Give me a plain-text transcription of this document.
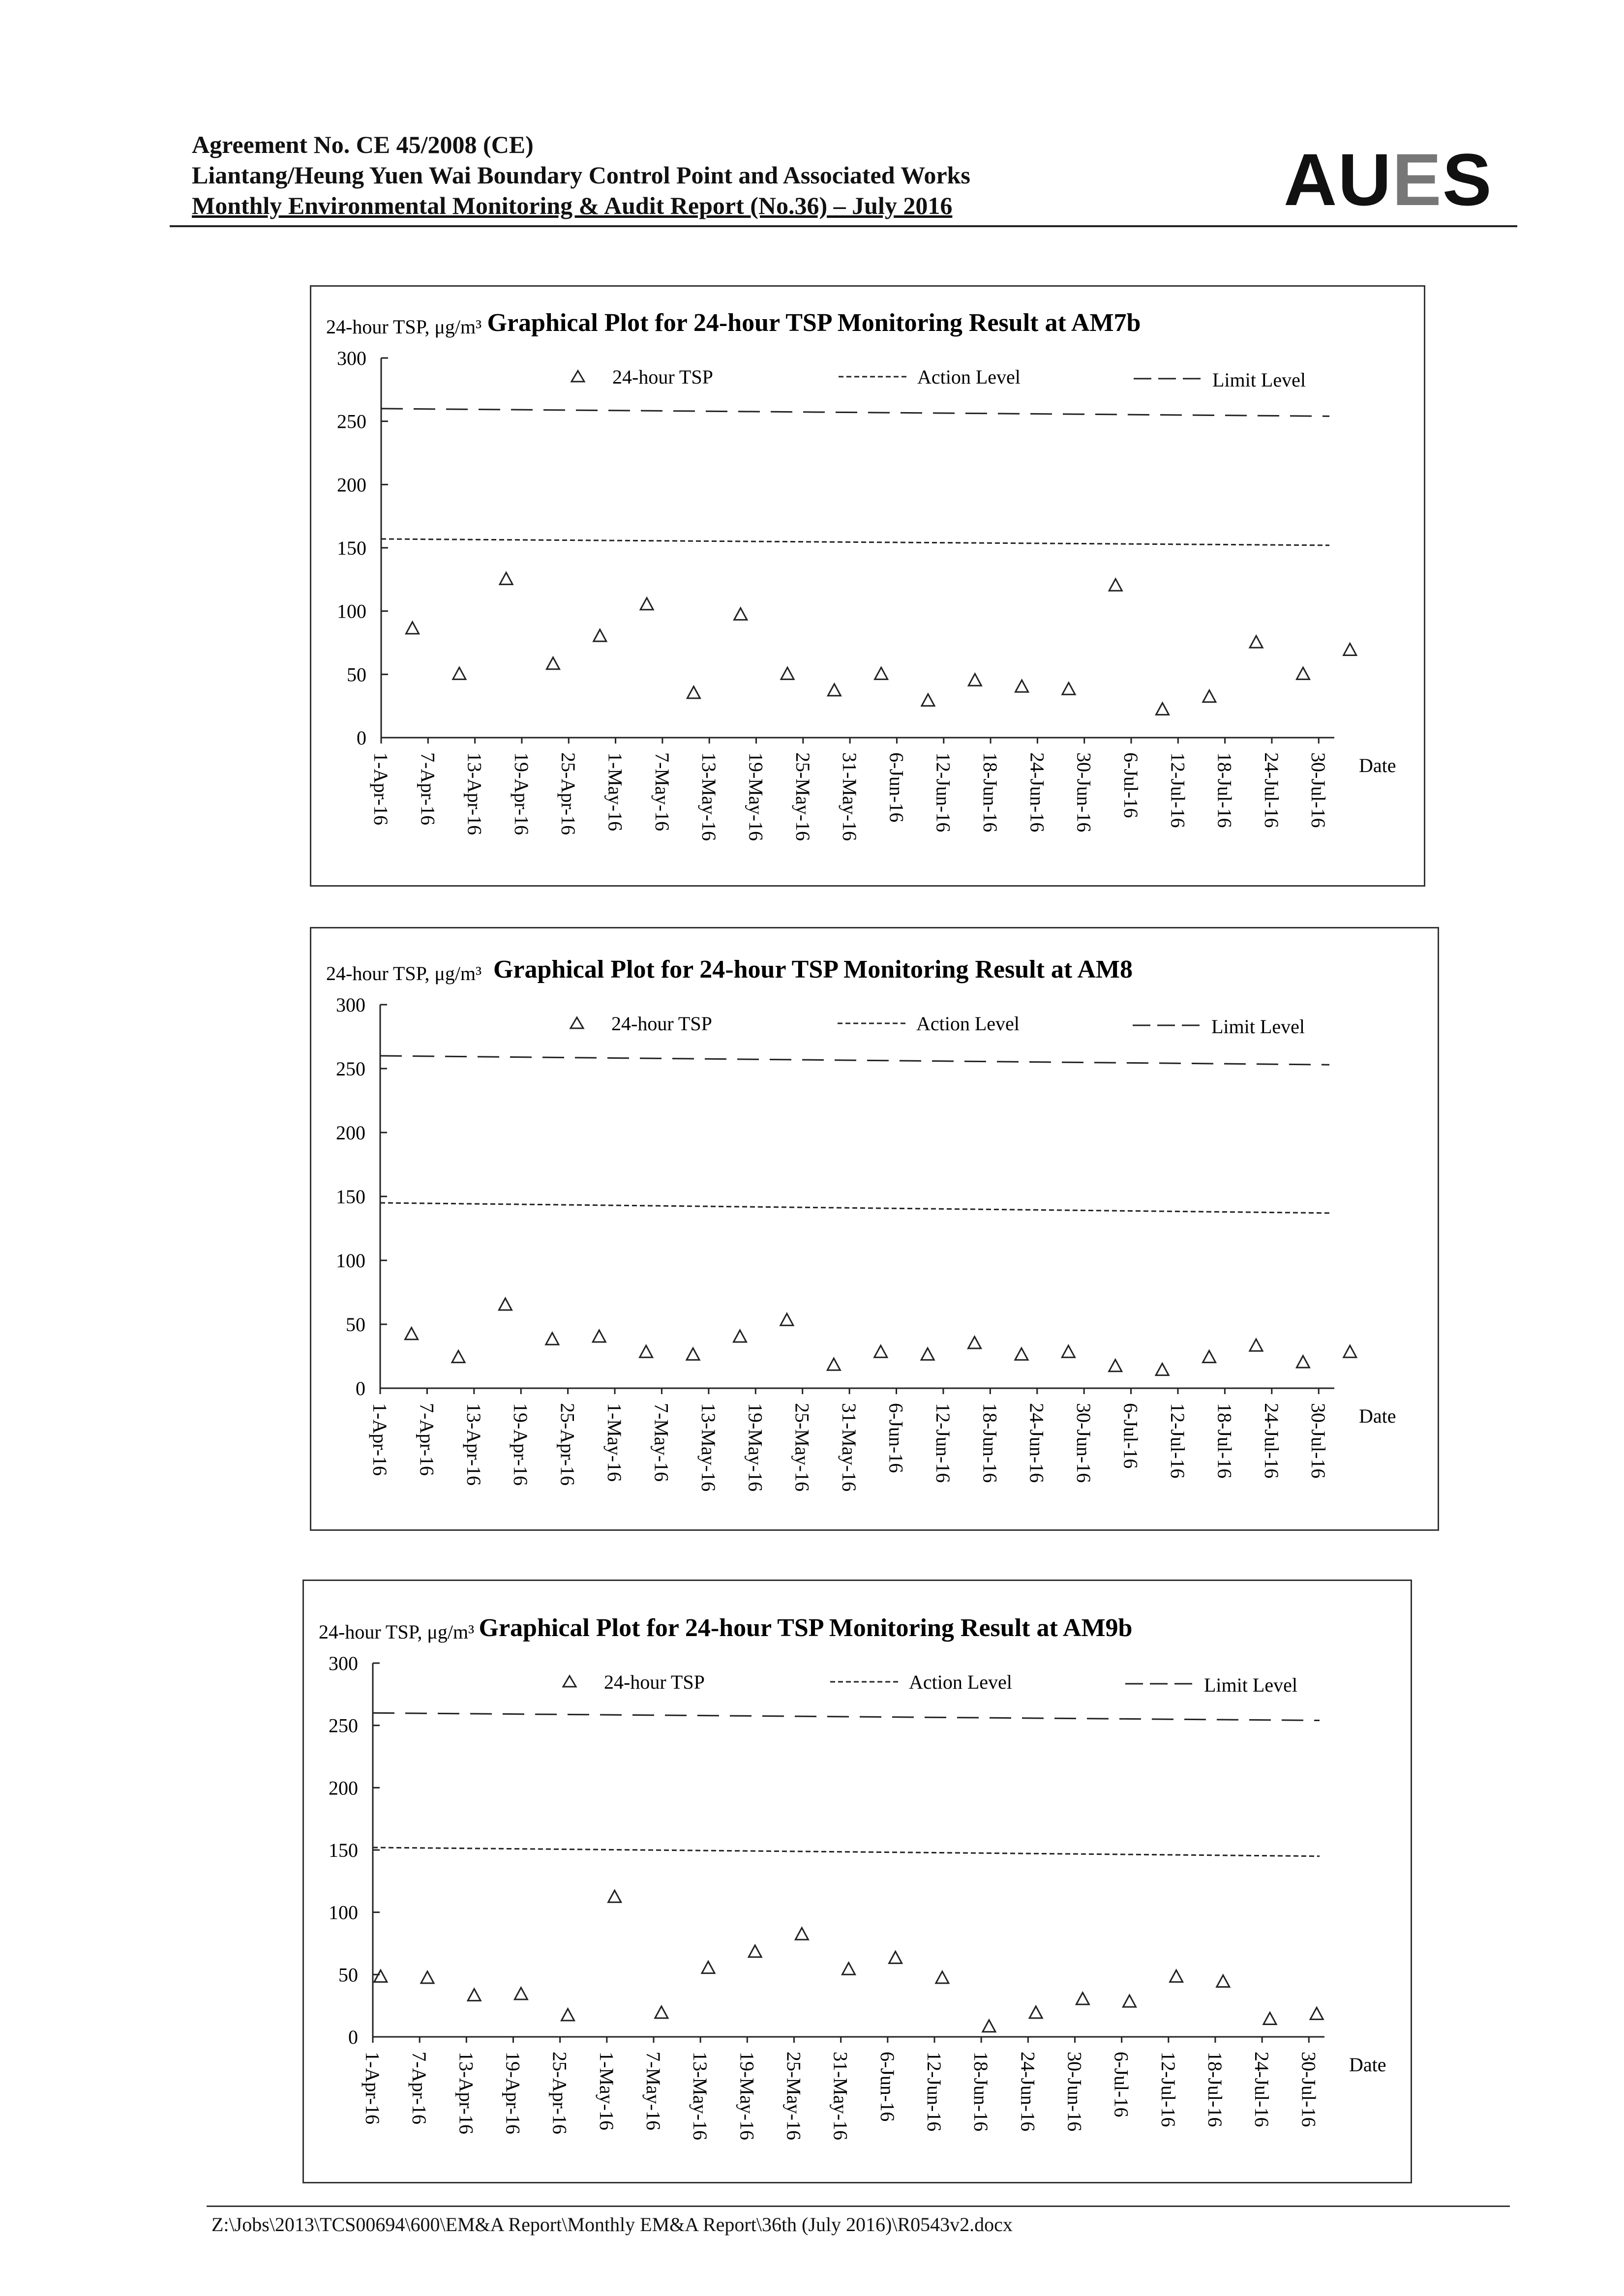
Agreement No. CE 45/2008 (CE)
Liantang/Heung Yuen Wai Boundary Control Point and Associated Works
Monthly Environmental Monitoring & Audit Report (No.36) – July 2016	AUES
Graphical Plot for 24-hour TSP Monitoring Result at AM7b
24-hour TSP, μg/m³
0
50
100
150
200
250
300
1-Apr-16 7-Apr-16 13-Apr-16 19-Apr-16 25-Apr-16 1-May-16 7-May-16 13-May-16 19-May-16 25-May-16 31-May-16 6-Jun-16 12-Jun-16 18-Jun-16 24-Jun-16 30-Jun-16 6-Jul-16 12-Jul-16 18-Jul-16 24-Jul-16 30-Jul-16 Date
24-hour TSP	Action Level	Limit Level
Graphical Plot for 24-hour TSP Monitoring Result at AM8
24-hour TSP, μg/m³
0
50
100
150
200
250
300
1-Apr-16 7-Apr-16 13-Apr-16 19-Apr-16 25-Apr-16 1-May-16 7-May-16 13-May-16 19-May-16 25-May-16 31-May-16 6-Jun-16 12-Jun-16 18-Jun-16 24-Jun-16 30-Jun-16 6-Jul-16 12-Jul-16 18-Jul-16 24-Jul-16 30-Jul-16 Date
24-hour TSP	Action Level	Limit Level
Graphical Plot for 24-hour TSP Monitoring Result at AM9b
24-hour TSP, μg/m³
0
50
100
150
200
250
300
1-Apr-16 7-Apr-16 13-Apr-16 19-Apr-16 25-Apr-16 1-May-16 7-May-16 13-May-16 19-May-16 25-May-16 31-May-16 6-Jun-16 12-Jun-16 18-Jun-16 24-Jun-16 30-Jun-16 6-Jul-16 12-Jul-16 18-Jul-16 24-Jul-16 30-Jul-16 Date
24-hour TSP	Action Level	Limit Level
Z:\Jobs\2013\TCS00694\600\EM&A Report\Monthly EM&A Report\36th (July 2016)\R0543v2.docx
